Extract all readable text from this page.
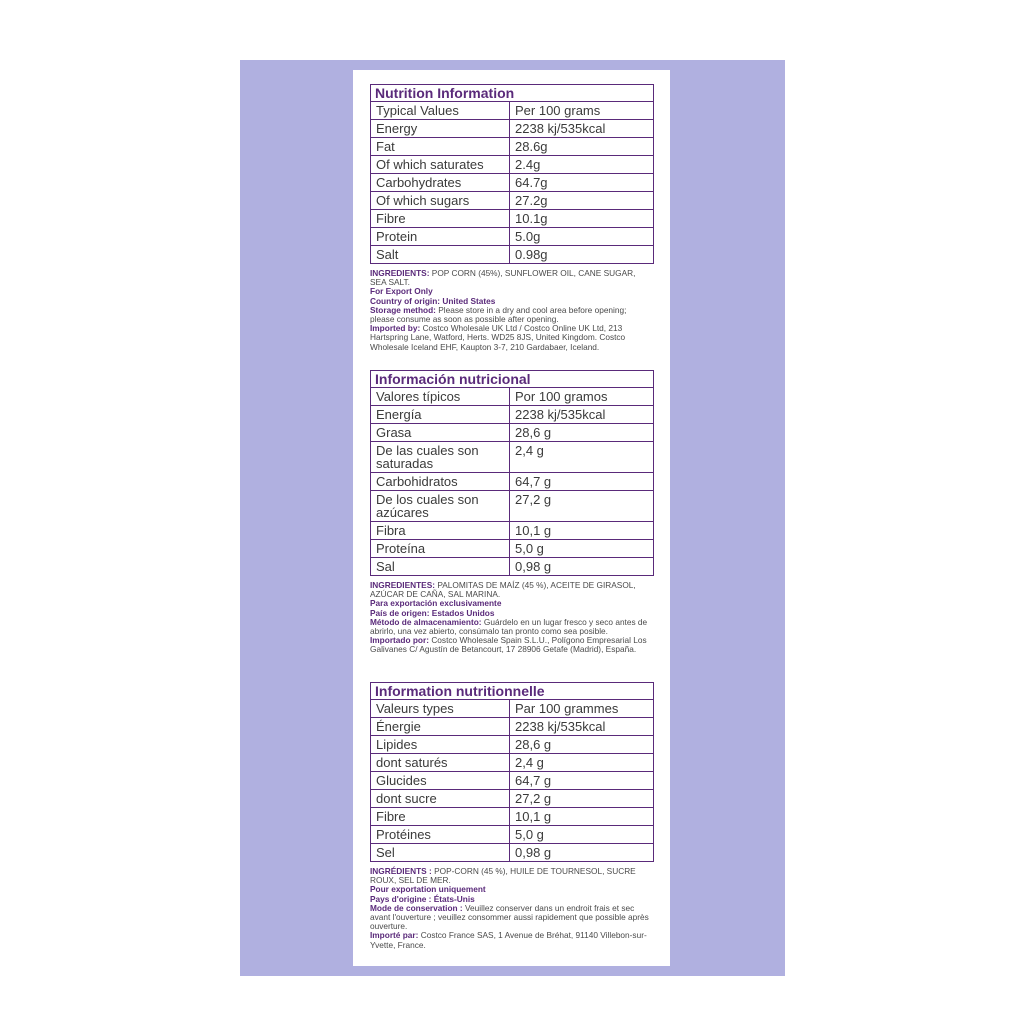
Nutrition Information	
Typical Values	Per 100 grams
Energy	2238 kj/535kcal
Fat	28.6g
Of which saturates	2.4g
Carbohydrates	64.7g
Of which sugars	27.2g
Fibre	10.1g
Protein	5.0g
Salt	0.98g

INGREDIENTS: POP CORN (45%), SUNFLOWER OIL, CANE SUGAR, SEA SALT.

For Export Only

Country of origin: United States

Storage method: Please store in a dry and cool area before opening; please consume as soon as possible after opening.

Imported by: Costco Wholesale UK Ltd / Costco Online UK Ltd, 213 Hartspring Lane, Watford, Herts. WD25 8JS, United Kingdom. Costco Wholesale Iceland EHF, Kaupton 3-7, 210 Gardabaer, Iceland.

Información nutricional	
Valores típicos	Por 100 gramos
Energía	2238 kj/535kcal
Grasa	28,6 g
De las cuales son saturadas	2,4 g
Carbohidratos	64,7 g
De los cuales son azúcares	27,2 g
Fibra	10,1 g
Proteína	5,0 g
Sal	0,98 g

INGREDIENTES: PALOMITAS DE MAÍZ (45 %), ACEITE DE GIRASOL, AZÚCAR DE CAÑA, SAL MARINA.

Para exportación exclusivamente

País de origen: Estados Unidos

Método de almacenamiento: Guárdelo en un lugar fresco y seco antes de abrirlo, una vez abierto, consúmalo tan pronto como sea posible.

Importado por: Costco Wholesale Spain S.L.U., Polígono Empresarial Los Galivanes C/ Agustín de Betancourt, 17 28906 Getafe (Madrid), España.

Information nutritionnelle	
Valeurs types	Par 100 grammes
Énergie	2238 kj/535kcal
Lipides	28,6 g
dont saturés	2,4 g
Glucides	64,7 g
dont sucre	27,2 g
Fibre	10,1 g
Protéines	5,0 g
Sel	0,98 g

INGRÉDIENTS : POP-CORN (45 %), HUILE DE TOURNESOL, SUCRE ROUX, SEL DE MER.

Pour exportation uniquement

Pays d'origine : États-Unis

Mode de conservation : Veuillez conserver dans un endroit frais et sec avant l'ouverture ; veuillez consommer aussi rapidement que possible après ouverture.

Importé par: Costco France SAS, 1 Avenue de Bréhat, 91140 Villebon-sur-Yvette, France.
